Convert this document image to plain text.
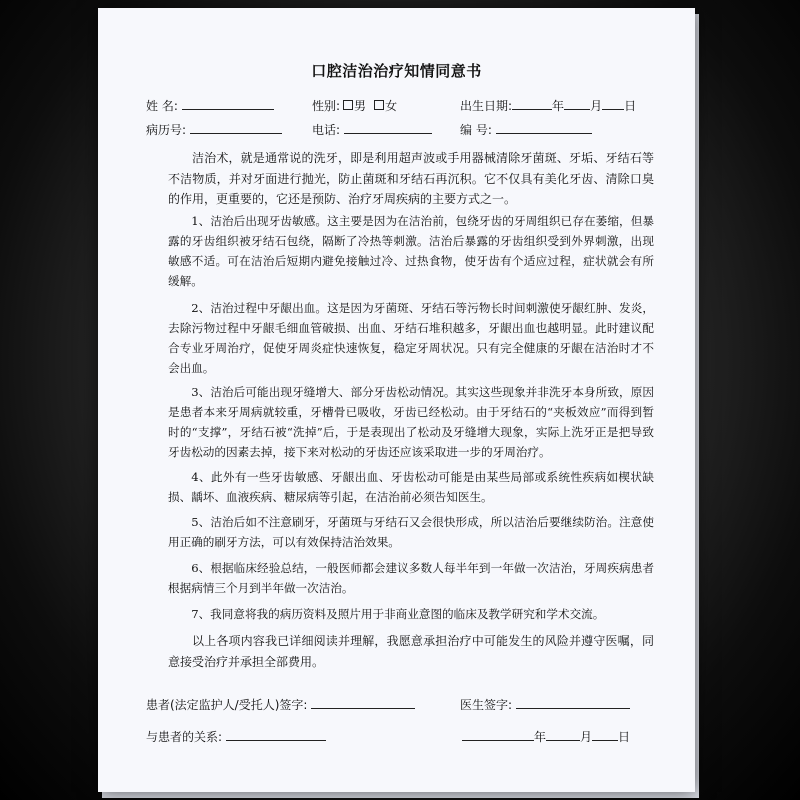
口腔洁治治疗知情同意书
姓 名:	性别: 男 女	出生日期:	年 月 日
病历号:	电话:	编 号:

洁治术，就是通常说的洗牙，即是利用超声波或手用器械清除牙菌斑、牙垢、牙结石等不洁物质，并对牙面进行抛光，防止菌斑和牙结石再沉积。它不仅具有美化牙齿、清除口臭的作用，更重要的，它还是预防、治疗牙周疾病的主要方式之一。

1、洁治后出现牙齿敏感。这主要是因为在洁治前，包绕牙齿的牙周组织已存在萎缩，但暴露的牙齿组织被牙结石包绕，隔断了冷热等刺激。洁治后暴露的牙齿组织受到外界刺激，出现敏感不适。可在洁治后短期内避免接触过冷、过热食物，使牙齿有个适应过程，症状就会有所缓解。

2、洁治过程中牙龈出血。这是因为牙菌斑、牙结石等污物长时间刺激使牙龈红肿、发炎，去除污物过程中牙龈毛细血管破损、出血、牙结石堆积越多，牙龈出血也越明显。此时建议配合专业牙周治疗，促使牙周炎症快速恢复，稳定牙周状况。只有完全健康的牙龈在洁治时才不会出血。

3、洁治后可能出现牙缝增大、部分牙齿松动情况。其实这些现象并非洗牙本身所致，原因是患者本来牙周病就较重，牙槽骨已吸收，牙齿已经松动。由于牙结石的“夹板效应”而得到暂时的“支撑”，牙结石被“洗掉”后，于是表现出了松动及牙缝增大现象，实际上洗牙正是把导致牙齿松动的因素去掉，接下来对松动的牙齿还应该采取进一步的牙周治疗。

4、此外有一些牙齿敏感、牙龈出血、牙齿松动可能是由某些局部或系统性疾病如楔状缺损、龋坏、血液疾病、糖尿病等引起，在洁治前必须告知医生。

5、洁治后如不注意刷牙，牙菌斑与牙结石又会很快形成，所以洁治后要继续防治。注意使用正确的刷牙方法，可以有效保持洁治效果。

6、根据临床经验总结，一般医师都会建议多数人每半年到一年做一次洁治，牙周疾病患者根据病情三个月到半年做一次洁治。

7、我同意将我的病历资料及照片用于非商业意图的临床及教学研究和学术交流。

以上各项内容我已详细阅读并理解，我愿意承担治疗中可能发生的风险并遵守医嘱，同意接受治疗并承担全部费用。

患者(法定监护人/受托人)签字:	医生签字:
与患者的关系:	年	月 日
